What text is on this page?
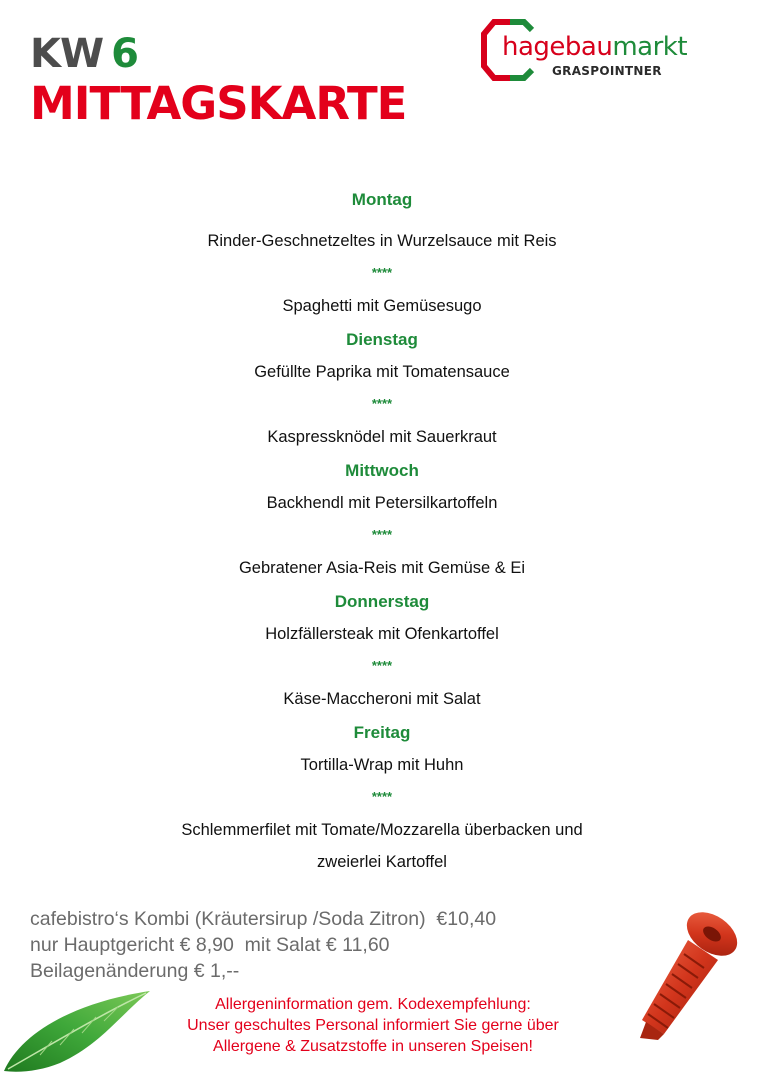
KW 6
MITTAGSKARTE
hagebaumarkt
GRASPOINTNER
Montag
Rinder-Geschnetzeltes in Wurzelsauce mit Reis
****
Spaghetti mit Gemüsesugo
Dienstag
Gefüllte Paprika mit Tomatensauce
****
Kaspressknödel mit Sauerkraut
Mittwoch
Backhendl mit Petersilkartoffeln
****
Gebratener Asia-Reis mit Gemüse & Ei
Donnerstag
Holzfällersteak mit Ofenkartoffel
****
Käse-Maccheroni mit Salat
Freitag
Tortilla-Wrap mit Huhn
****
Schlemmerfilet mit Tomate/Mozzarella überbacken und
zweierlei Kartoffel
cafebistro‘s Kombi (Kräutersirup /Soda Zitron)  €10,40
nur Hauptgericht € 8,90  mit Salat € 11,60
Beilagenänderung € 1,--
Allergeninformation gem. Kodexempfehlung:
Unser geschultes Personal informiert Sie gerne über
Allergene & Zusatzstoffe in unseren Speisen!
